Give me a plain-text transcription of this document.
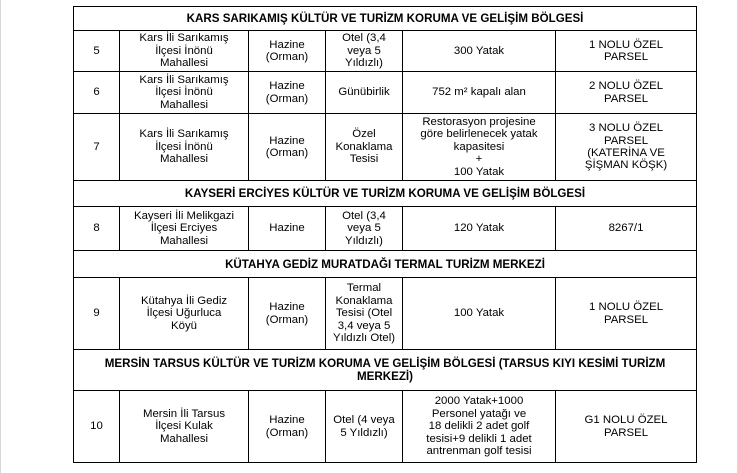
KARS SARIKAMIŞ KÜLTÜR VE TURİZM KORUMA VE GELİŞİM BÖLGESİ					
5	Kars İli Sarıkamış
İlçesi İnönü
Mahallesi	Hazine
(Orman)	Otel (3,4
veya 5
Yıldızlı)	300 Yatak	1 NOLU ÖZEL
PARSEL
6	Kars İli Sarıkamış
İlçesi İnönü
Mahallesi	Hazine
(Orman)	Günübirlik	752 m² kapalı alan	2 NOLU ÖZEL
PARSEL
7	Kars İli Sarıkamış
İlçesi İnönü
Mahallesi	Hazine
(Orman)	Özel
Konaklama
Tesisi	Restorasyon projesine
göre belirlenecek yatak
kapasitesi
+
100 Yatak	3 NOLU ÖZEL
PARSEL
(KATERİNA VE
ŞİŞMAN KÖŞK)
KAYSERİ ERCİYES KÜLTÜR VE TURİZM KORUMA VE GELİŞİM BÖLGESİ					
8	Kayseri İli Melikgazi
İlçesi Erciyes
Mahallesi	Hazine	Otel (3,4
veya 5
Yıldızlı)	120 Yatak	8267/1
KÜTAHYA GEDİZ MURATDAĞI TERMAL TURİZM MERKEZİ					
9	Kütahya İli Gediz
İlçesi Uğurluca
Köyü	Hazine
(Orman)	Termal
Konaklama
Tesisi (Otel
3,4 veya 5
Yıldızlı Otel)	100 Yatak	1 NOLU ÖZEL
PARSEL
MERSİN TARSUS KÜLTÜR VE TURİZM KORUMA VE GELİŞİM BÖLGESİ (TARSUS KIYI KESİMİ TURİZM MERKEZİ)					
10	Mersin İli Tarsus
İlçesi Kulak
Mahallesi	Hazine
(Orman)	Otel (4 veya
5 Yıldızlı)	2000 Yatak+1000
Personel yatağı ve
18 delikli 2 adet golf
tesisi+9 delikli 1 adet
antrenman golf tesisi	G1 NOLU ÖZEL
PARSEL
